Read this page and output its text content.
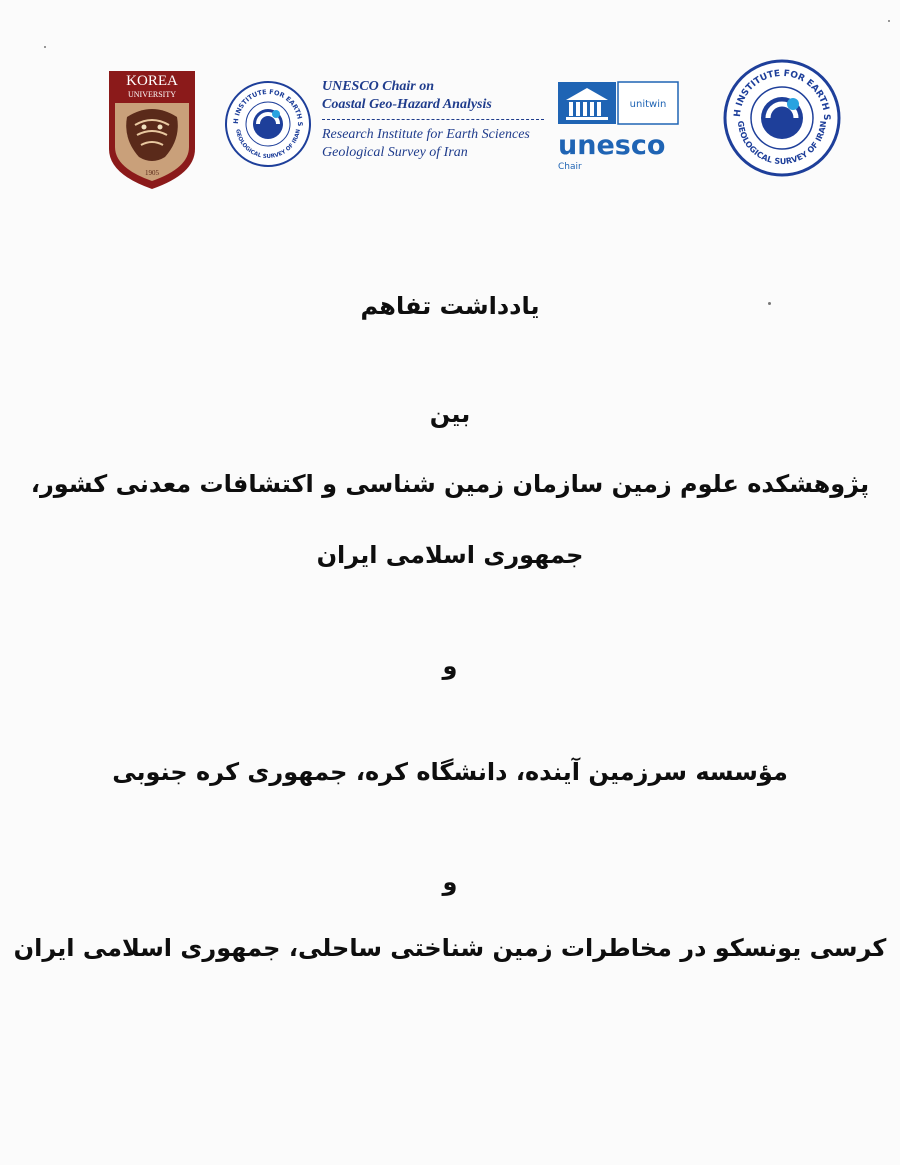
KOREA
UNIVERSITY
1905
H INSTITUTE FOR EARTH S
GEOLOGICAL SURVEY OF IRAN
UNESCO Chair on
Coastal Geo-Hazard Analysis
Research Institute for Earth Sciences
Geological Survey of Iran
unitwin
unesco
Chair
H INSTITUTE FOR EARTH S
GEOLOGICAL SURVEY OF IRAN
یادداشت تفاهم
بین
پژوهشکده علوم زمین سازمان زمین شناسی و اکتشافات معدنی کشور،
جمهوری اسلامی ایران
و
مؤسسه سرزمین آینده، دانشگاه کره، جمهوری کره جنوبی
و
کرسی یونسکو در مخاطرات زمین شناختی ساحلی، جمهوری اسلامی ایران
